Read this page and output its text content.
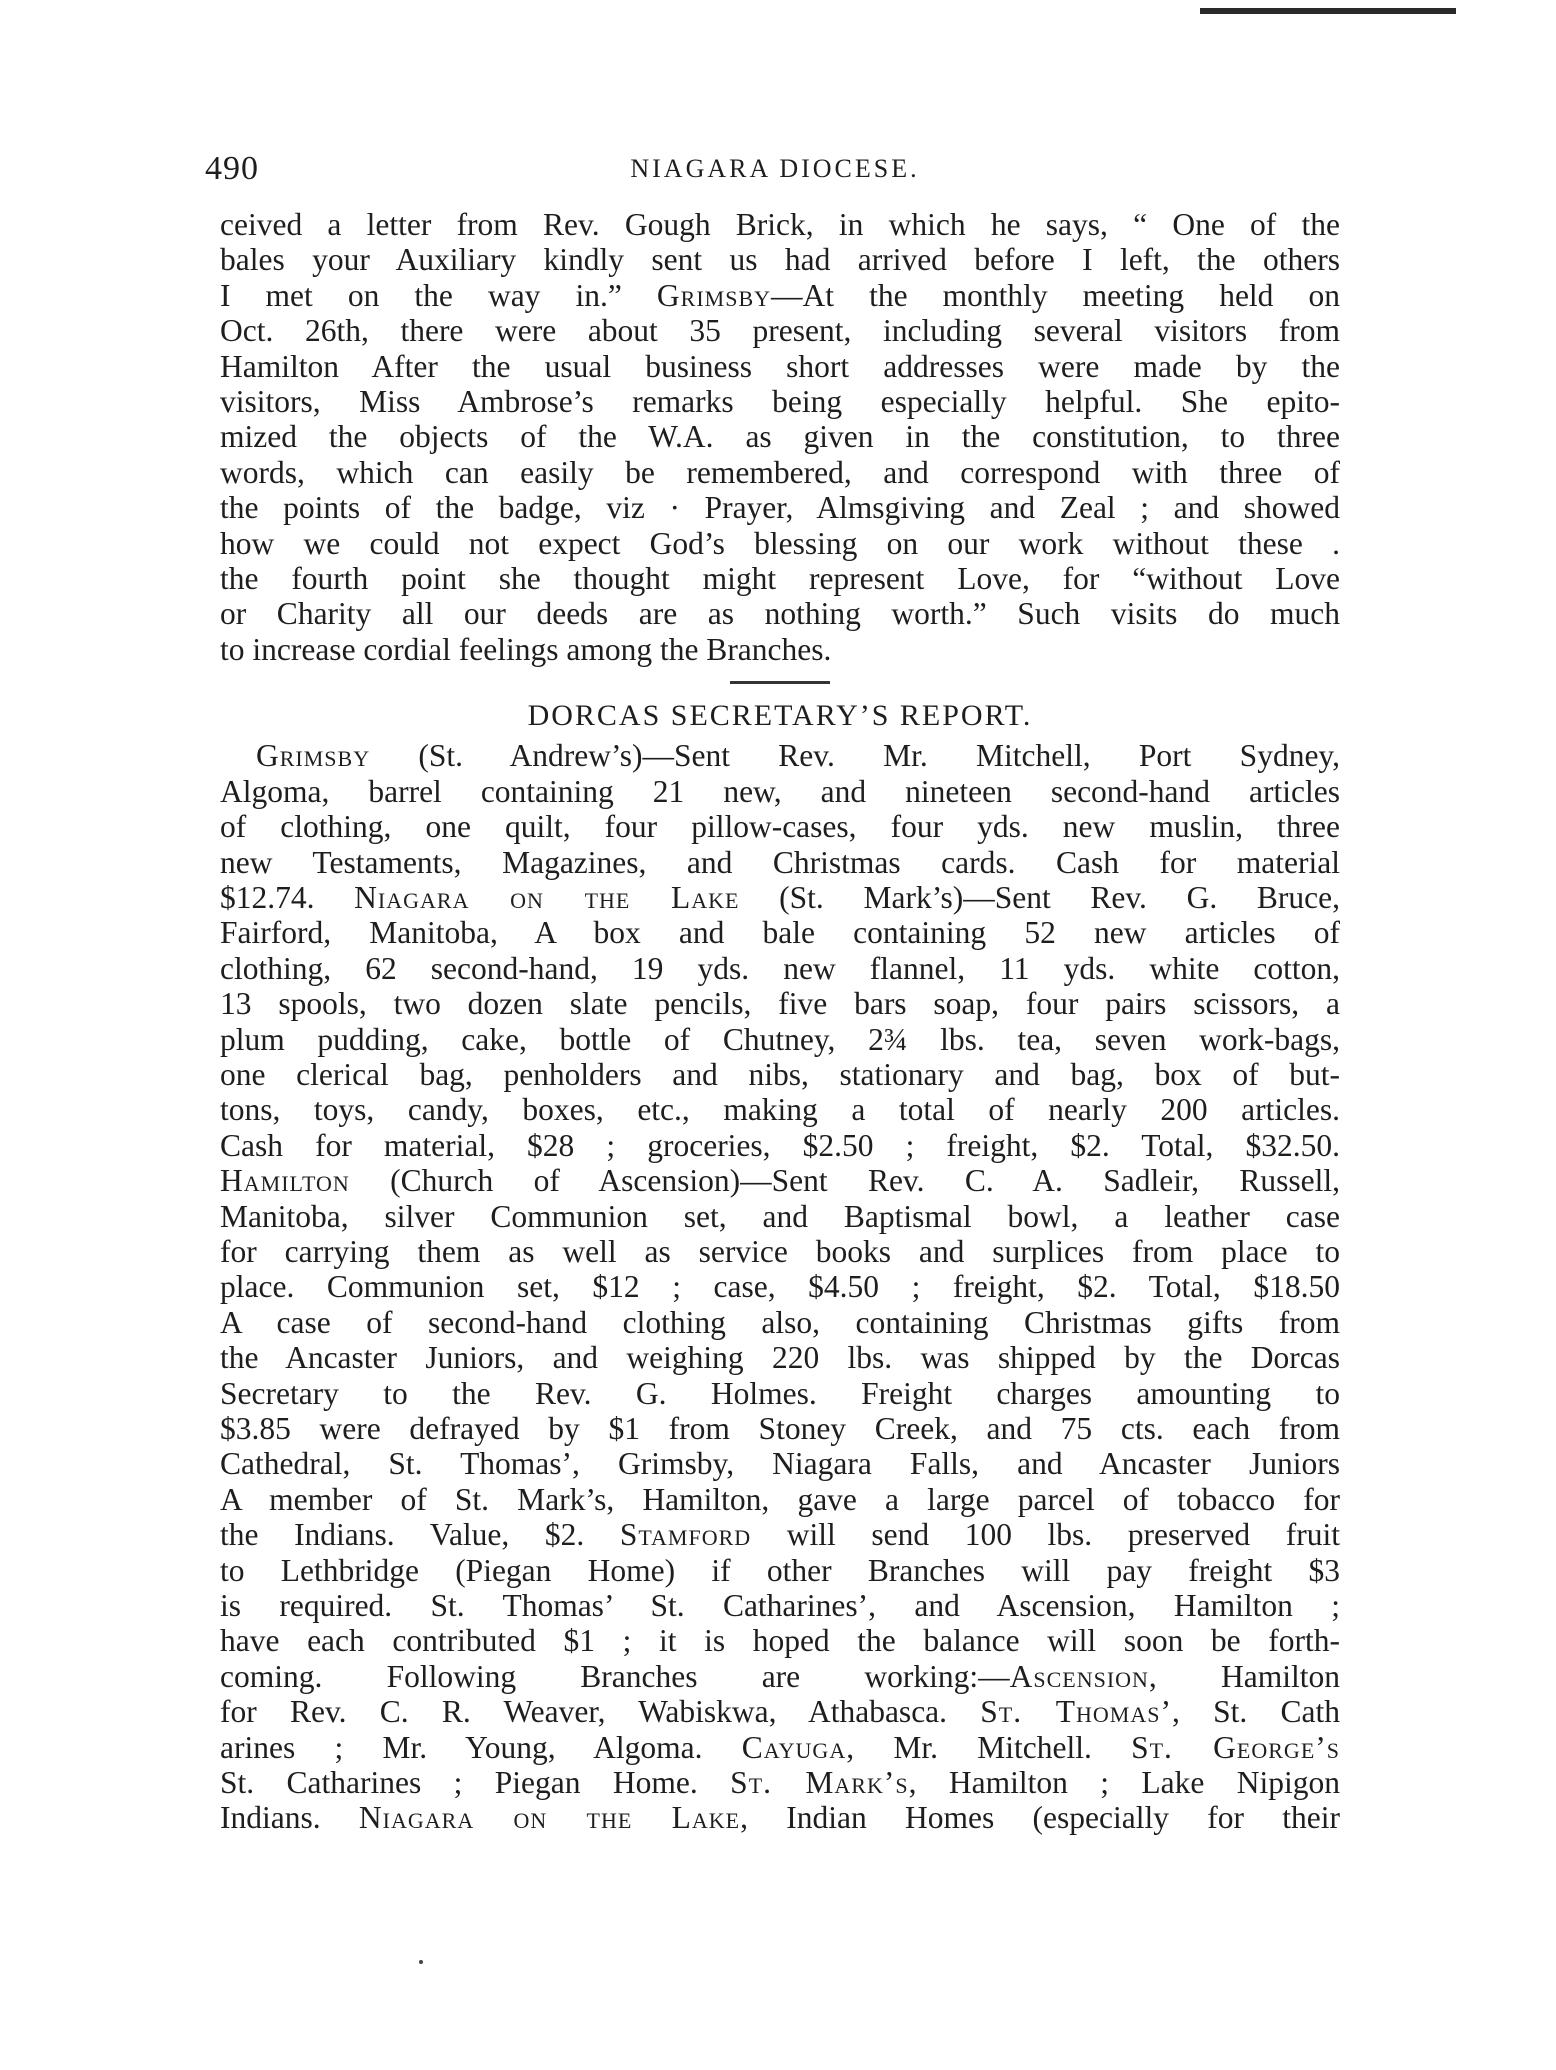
490	NIAGARA DIOCESE.
ceived a letter from Rev. Gough Brick, in which he says, “ One of the
bales your Auxiliary kindly sent us had arrived before I left, the others
I met on the way in.” Grimsby—At the monthly meeting held on
Oct. 26th, there were about 35 present, including several visitors from
Hamilton After the usual business short addresses were made by the
visitors, Miss Ambrose’s remarks being especially helpful. She epito-
mized the objects of the W.A. as given in the constitution, to three
words, which can easily be remembered, and correspond with three of
the points of the badge, viz · Prayer, Almsgiving and Zeal ; and showed
how we could not expect God’s blessing on our work without these .
the fourth point she thought might represent Love, for “without Love
or Charity all our deeds are as nothing worth.” Such visits do much
to increase cordial feelings among the Branches.
DORCAS SECRETARY’S REPORT.
Grimsby (St. Andrew’s)—Sent Rev. Mr. Mitchell, Port Sydney,
Algoma, barrel containing 21 new, and nineteen second-hand articles
of clothing, one quilt, four pillow-cases, four yds. new muslin, three
new Testaments, Magazines, and Christmas cards. Cash for material
$12.74. Niagara on the Lake (St. Mark’s)—Sent Rev. G. Bruce,
Fairford, Manitoba, A box and bale containing 52 new articles of
clothing, 62 second-hand, 19 yds. new flannel, 11 yds. white cotton,
13 spools, two dozen slate pencils, five bars soap, four pairs scissors, a
plum pudding, cake, bottle of Chutney, 2¾ lbs. tea, seven work-bags,
one clerical bag, penholders and nibs, stationary and bag, box of but-
tons, toys, candy, boxes, etc., making a total of nearly 200 articles.
Cash for material, $28 ; groceries, $2.50 ; freight, $2. Total, $32.50.
Hamilton (Church of Ascension)—Sent Rev. C. A. Sadleir, Russell,
Manitoba, silver Communion set, and Baptismal bowl, a leather case
for carrying them as well as service books and surplices from place to
place. Communion set, $12 ; case, $4.50 ; freight, $2. Total, $18.50
A case of second-hand clothing also, containing Christmas gifts from
the Ancaster Juniors, and weighing 220 lbs. was shipped by the Dorcas
Secretary to the Rev. G. Holmes. Freight charges amounting to
$3.85 were defrayed by $1 from Stoney Creek, and 75 cts. each from
Cathedral, St. Thomas’, Grimsby, Niagara Falls, and Ancaster Juniors
A member of St. Mark’s, Hamilton, gave a large parcel of tobacco for
the Indians. Value, $2. Stamford will send 100 lbs. preserved fruit
to Lethbridge (Piegan Home) if other Branches will pay freight $3
is required. St. Thomas’ St. Catharines’, and Ascension, Hamilton ;
have each contributed $1 ; it is hoped the balance will soon be forth-
coming. Following Branches are working:—Ascension, Hamilton
for Rev. C. R. Weaver, Wabiskwa, Athabasca. St. Thomas’, St. Cath
arines ; Mr. Young, Algoma. Cayuga, Mr. Mitchell. St. George’s
St. Catharines ; Piegan Home. St. Mark’s, Hamilton ; Lake Nipigon
Indians. Niagara on the Lake, Indian Homes (especially for their
